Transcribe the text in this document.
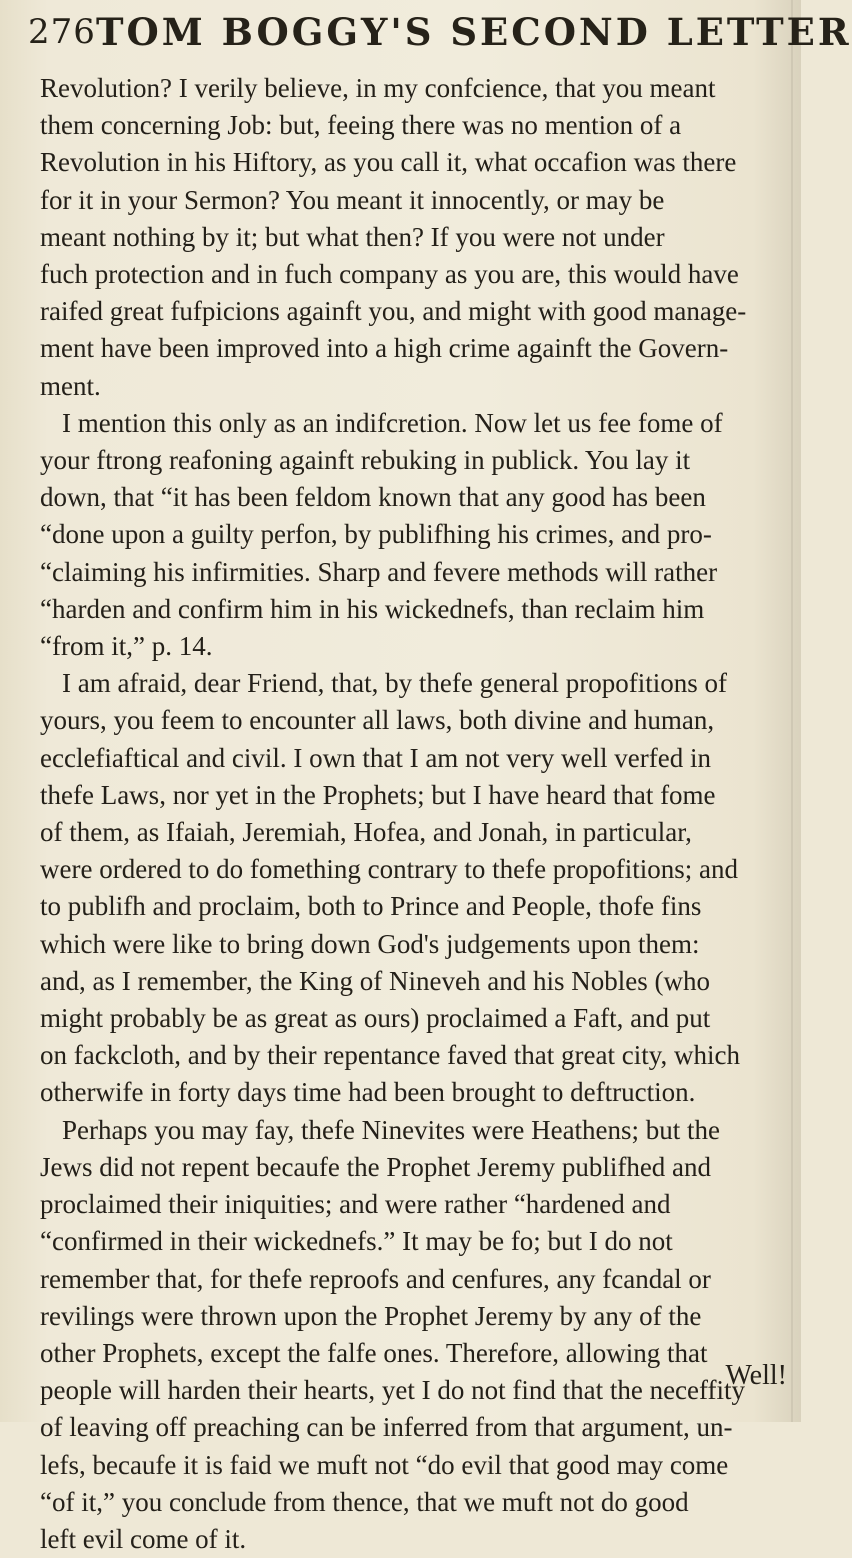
276 TOM BOGGY'S SECOND LETTER

Revolution? I verily believe, in my confcience, that you meant
them concerning Job: but, feeing there was no mention of a
Revolution in his Hiftory, as you call it, what occafion was there
for it in your Sermon? You meant it innocently, or may be
meant nothing by it; but what then? If you were not under
fuch protection and in fuch company as you are, this would have
raifed great fufpicions againft you, and might with good manage-
ment have been improved into a high crime againft the Govern-
ment.

I mention this only as an indifcretion. Now let us fee fome of
your ftrong reafoning againft rebuking in publick. You lay it
down, that “it has been feldom known that any good has been
“done upon a guilty perfon, by publifhing his crimes, and pro-
“claiming his infirmities. Sharp and fevere methods will rather
“harden and confirm him in his wickednefs, than reclaim him
“from it,” p. 14.

I am afraid, dear Friend, that, by thefe general propofitions of
yours, you feem to encounter all laws, both divine and human,
ecclefiaftical and civil. I own that I am not very well verfed in
thefe Laws, nor yet in the Prophets; but I have heard that fome
of them, as Ifaiah, Jeremiah, Hofea, and Jonah, in particular,
were ordered to do fomething contrary to thefe propofitions; and
to publifh and proclaim, both to Prince and People, thofe fins
which were like to bring down God's judgements upon them:
and, as I remember, the King of Nineveh and his Nobles (who
might probably be as great as ours) proclaimed a Faft, and put
on fackcloth, and by their repentance faved that great city, which
otherwife in forty days time had been brought to deftruction.

Perhaps you may fay, thefe Ninevites were Heathens; but the
Jews did not repent becaufe the Prophet Jeremy publifhed and
proclaimed their iniquities; and were rather “hardened and
“confirmed in their wickednefs.” It may be fo; but I do not
remember that, for thefe reproofs and cenfures, any fcandal or
revilings were thrown upon the Prophet Jeremy by any of the
other Prophets, except the falfe ones. Therefore, allowing that
people will harden their hearts, yet I do not find that the neceffity
of leaving off preaching can be inferred from that argument, un-
lefs, becaufe it is faid we muft not “do evil that good may come
“of it,” you conclude from thence, that we muft not do good
left evil come of it.

Well!
